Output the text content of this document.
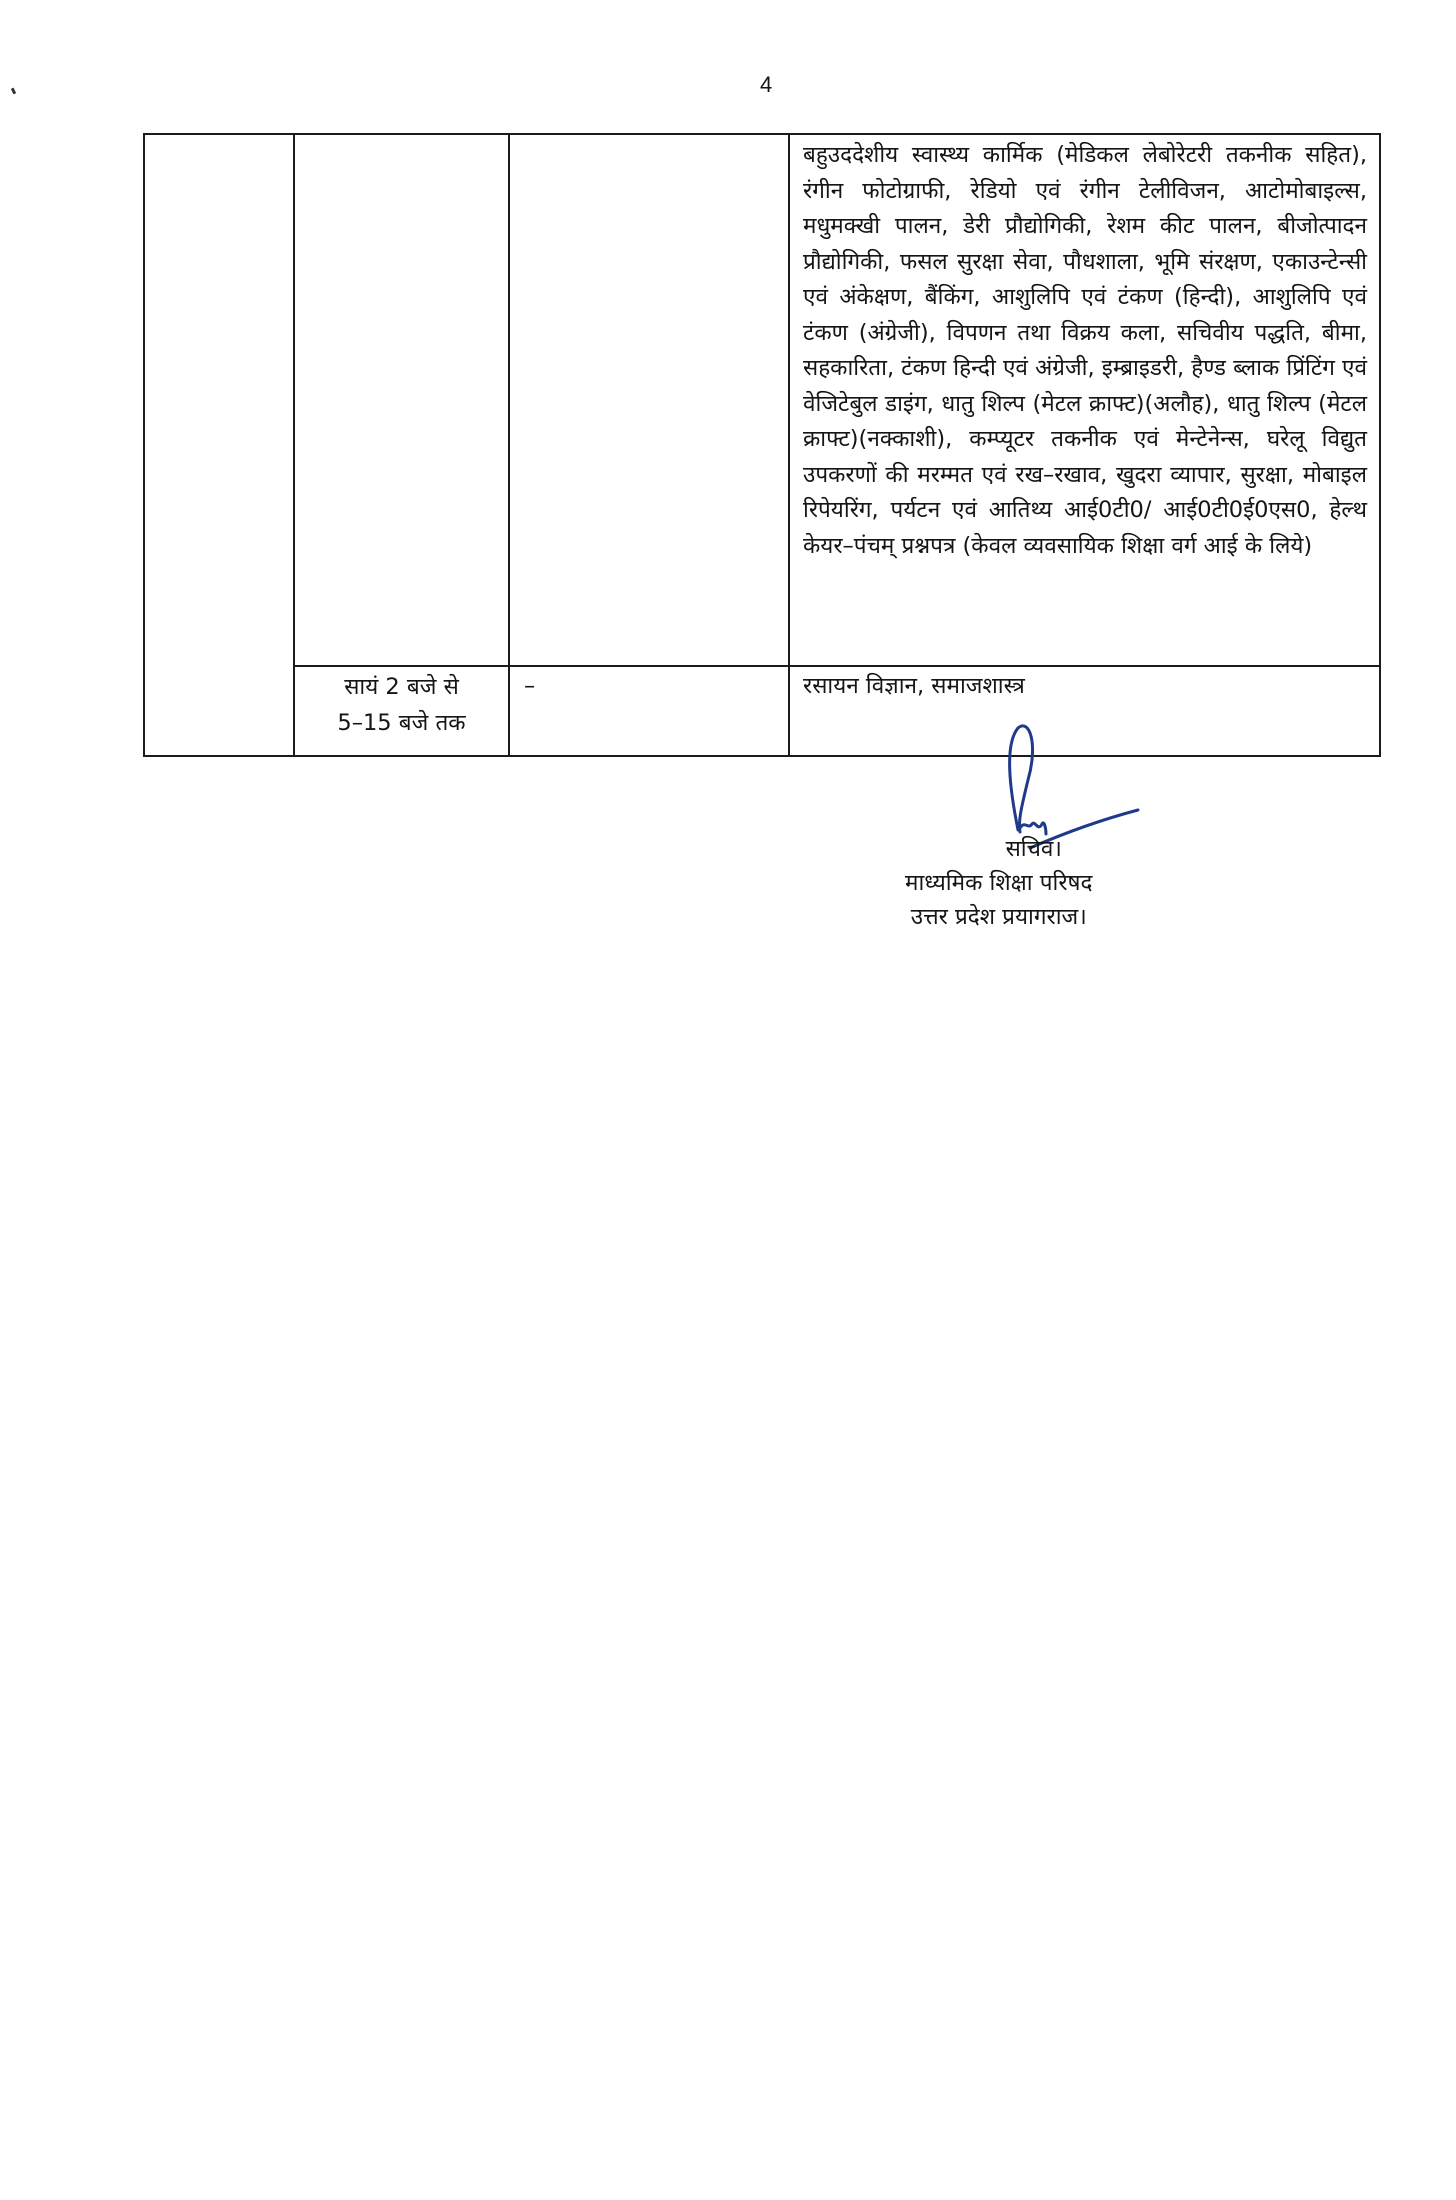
4

			बहुउददेशीय स्वास्थ्य कार्मिक (मेडिकल लेबोरेटरी तकनीक सहित), रंगीन फोटोग्राफी, रेडियो एवं रंगीन टेलीविजन, आटोमोबाइल्स, मधुमक्खी पालन, डेरी प्रौद्योगिकी, रेशम कीट पालन, बीजोत्पादन प्रौद्योगिकी, फसल सुरक्षा सेवा, पौधशाला, भूमि संरक्षण, एकाउन्टेन्सी एवं अंकेक्षण, बैंकिंग, आशुलिपि एवं टंकण (हिन्दी), आशुलिपि एवं टंकण (अंग्रेजी), विपणन तथा विक्रय कला, सचिवीय पद्धति, बीमा, सहकारिता, टंकण हिन्दी एवं अंग्रेजी, इम्ब्राइडरी, हैण्ड ब्लाक प्रिंटिंग एवं वेजिटेबुल डाइंग, धातु शिल्प (मेटल क्राफ्ट)(अलौह), धातु शिल्प (मेटल क्राफ्ट)(नक्काशी), कम्प्यूटर तकनीक एवं मेन्टेनेन्स, घरेलू विद्युत उपकरणों की मरम्मत एवं रख–रखाव, खुदरा व्यापार, सुरक्षा, मोबाइल रिपेयरिंग, पर्यटन एवं आतिथ्य आई0टी0/ आई0टी0ई0एस0, हेल्थ केयर–पंचम् प्रश्नपत्र (केवल व्यवसायिक शिक्षा वर्ग आई के लिये)

	सायं 2 बजे से
5–15 बजे तक	–	रसायन विज्ञान, समाजशास्त्र
सचिव।
माध्यमिक शिक्षा परिषद
उत्तर प्रदेश प्रयागराज।
